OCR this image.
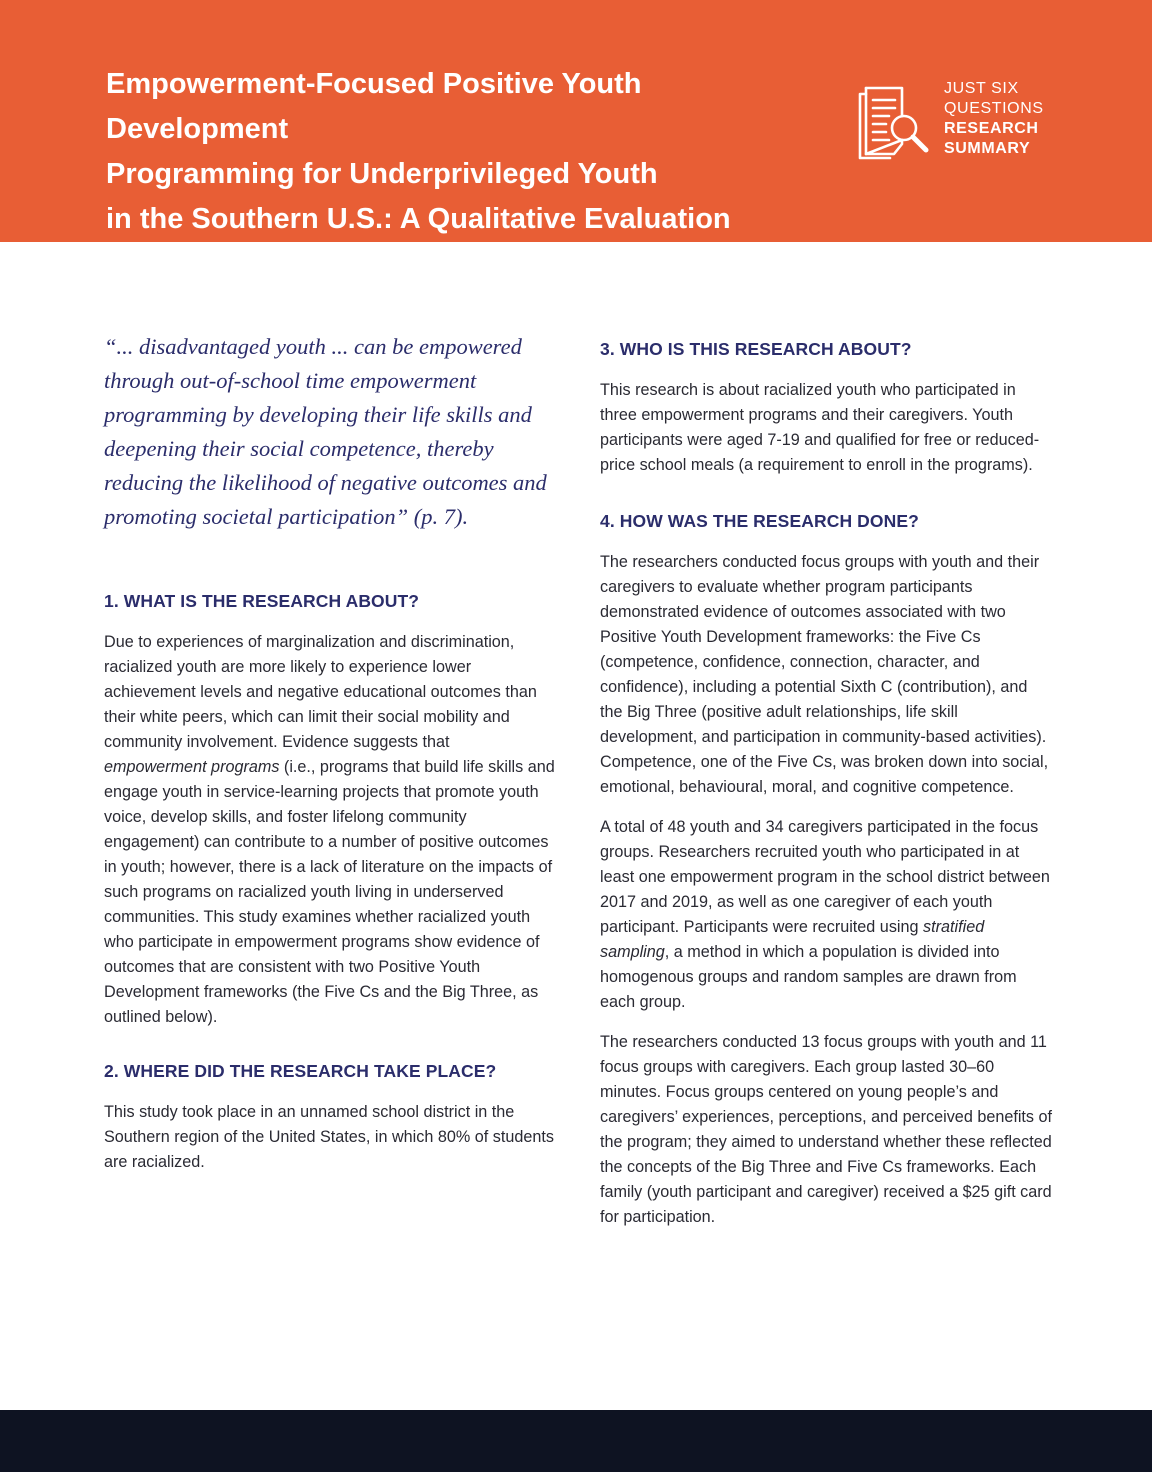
Empowerment-Focused Positive Youth Development
Programming for Underprivileged Youth
in the Southern U.S.: A Qualitative Evaluation
JUST SIX
QUESTIONS
RESEARCH
SUMMARY

“... disadvantaged youth ... can be empowered through out-of-school time empowerment programming by developing their life skills and deepening their social competence, thereby reducing the likelihood of negative outcomes and promoting societal participation” (p. 7).

1. WHAT IS THE RESEARCH ABOUT?

Due to experiences of marginalization and discrimination, racialized youth are more likely to experience lower achievement levels and negative educational outcomes than their white peers, which can limit their social mobility and community involvement. Evidence suggests that empowerment programs (i.e., programs that build life skills and engage youth in service-learning projects that promote youth voice, develop skills, and foster lifelong community engagement) can contribute to a number of positive outcomes in youth; however, there is a lack of literature on the impacts of such programs on racialized youth living in underserved communities. This study examines whether racialized youth who participate in empowerment programs show evidence of outcomes that are consistent with two Positive Youth Development frameworks (the Five Cs and the Big Three, as outlined below).

2. WHERE DID THE RESEARCH TAKE PLACE?

This study took place in an unnamed school district in the Southern region of the United States, in which 80% of students are racialized.

3. WHO IS THIS RESEARCH ABOUT?

This research is about racialized youth who participated in three empowerment programs and their caregivers. Youth participants were aged 7-19 and qualified for free or reduced-price school meals (a requirement to enroll in the programs).

4. HOW WAS THE RESEARCH DONE?

The researchers conducted focus groups with youth and their caregivers to evaluate whether program participants demonstrated evidence of outcomes associated with two Positive Youth Development frameworks: the Five Cs (competence, confidence, connection, character, and confidence), including a potential Sixth C (contribution), and the Big Three (positive adult relationships, life skill development, and participation in community-based activities). Competence, one of the Five Cs, was broken down into social, emotional, behavioural, moral, and cognitive competence.

A total of 48 youth and 34 caregivers participated in the focus groups. Researchers recruited youth who participated in at least one empowerment program in the school district between 2017 and 2019, as well as one caregiver of each youth participant. Participants were recruited using stratified sampling, a method in which a population is divided into homogenous groups and random samples are drawn from each group.

The researchers conducted 13 focus groups with youth and 11 focus groups with caregivers. Each group lasted 30–60 minutes. Focus groups centered on young people’s and caregivers’ experiences, perceptions, and perceived benefits of the program; they aimed to understand whether these reflected the concepts of the Big Three and Five Cs frameworks. Each family (youth participant and caregiver) received a $25 gift card for participation.
